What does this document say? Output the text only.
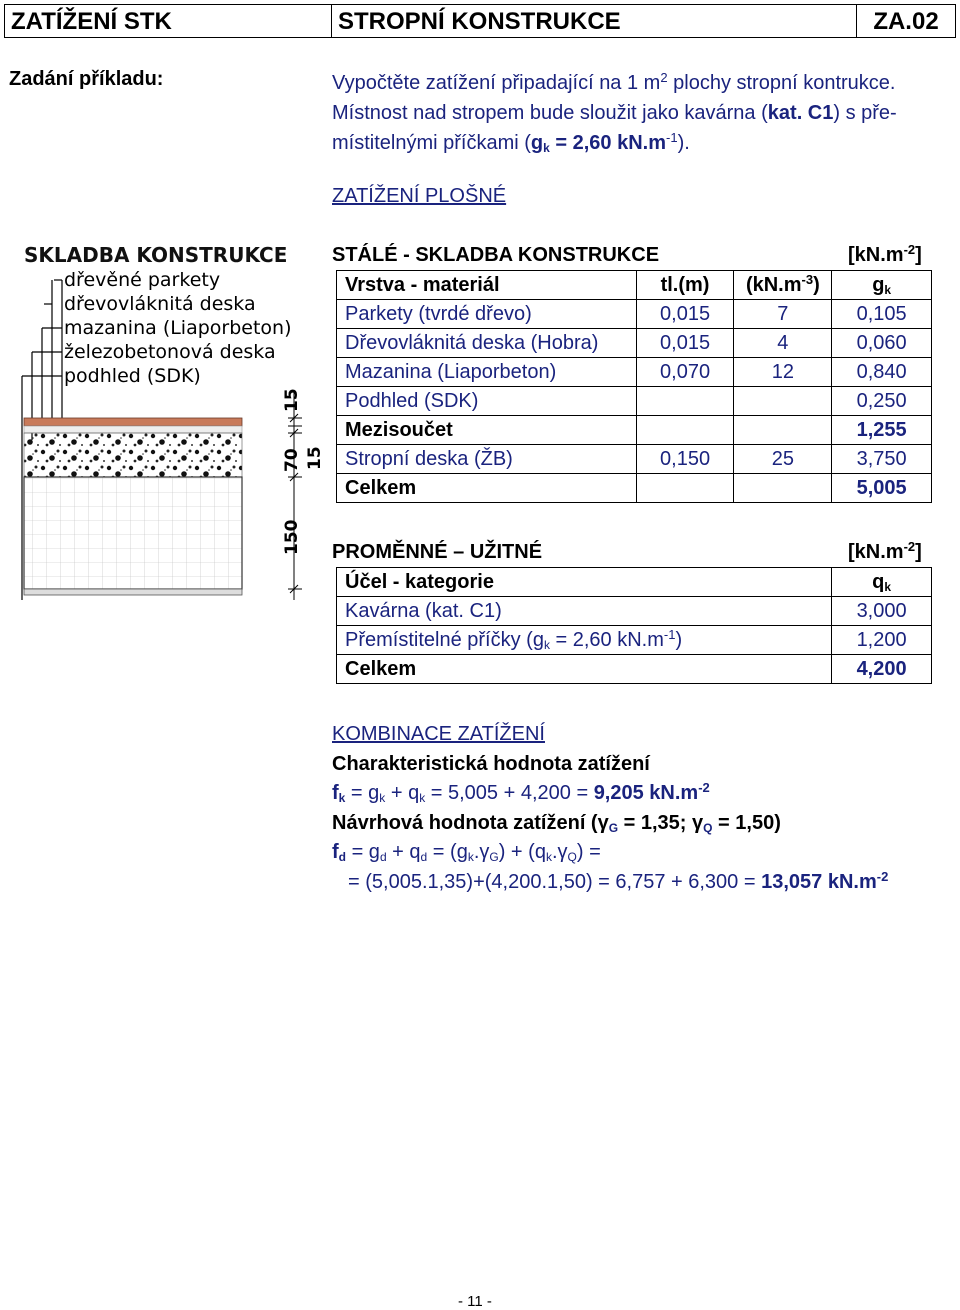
ZATÍŽENÍ STK	STROPNÍ KONSTRUKCE	ZA.02
Zadání příkladu:	Vypočtěte zatížení připadající na 1 $m^2$ plochy stropní kontrukce.
Místnost nad stropem bude sloužit jako kavárna (kat. C1) s pře-
místitelnými příčkami ($g_k = 2,60$ $kN.m^{-1}$).
ZATÍŽENÍ PLOŠNÉ
SKLADBA KONSTRUKCE
dřevěné parkety
dřevovláknitá deska
mazanina (Liaporbeton)
železobetonová deska
podhled (SDK)
15
70 15
150
STÁLÉ - SKLADBA KONSTRUKCE	$[kN.m^{-2}]$
Vrstva - materiál	tl.(m)	$(kN.m^{-3})$	$g_k$
Parkety (tvrdé dřevo)	0,015	7	0,105
Dřevovláknitá deska (Hobra)	0,015	4	0,060
Mazanina (Liaporbeton)	0,070	12	0,840
Podhled (SDK)			0,250
Mezisoučet			1,255
Stropní deska (ŽB)	0,150	25	3,750
Celkem			5,005
PROMĚNNÉ – UŽITNÉ	$[kN.m^{-2}]$
Účel - kategorie	$q_k$
Kavárna (kat. C1)	3,000
Přemístitelné příčky ($g_k = 2,60$ $kN.m^{-1}$)	1,200
Celkem	4,200
KOMBINACE ZATÍŽENÍ
Charakteristická hodnota zatížení
$f_k = g_k + q_k = 5,005 + 4,200 = 9,205$ $kN.m^{-2}$
Návrhová hodnota zatížení ($\gamma_G = 1,35$; $\gamma_Q = 1,50$)
$f_d = g_d + q_d = (g_k.\gamma_G) + (q_k.\gamma_Q)$ =
= (5,005.1,35)+(4,200.1,50) = 6,757 + 6,300 = 13,057 $kN.m^{-2}$
- 11 -
